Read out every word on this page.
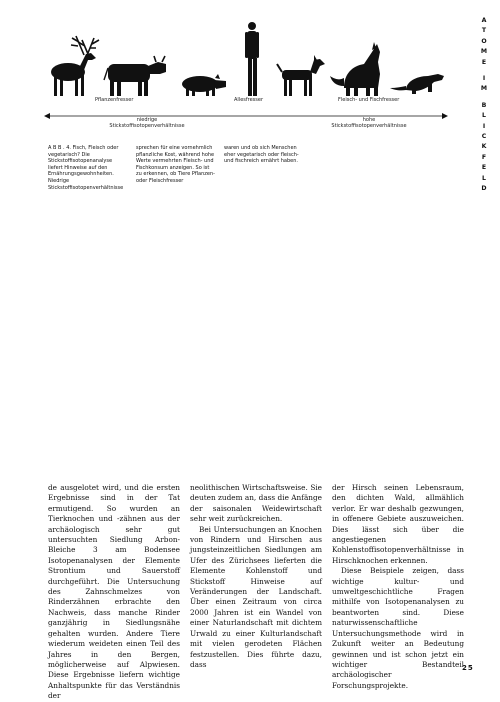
A
T
O
M
E
I
M
B
L
I
C
K
F
E
L
D
Pflanzenfresser	Allesfresser	Fleisch- und Fischfresser
niedrige
Stickstoffisotopenverhältnisse
hohe
Stickstoffisotopenverhältnisse
A B B . 4. Fisch, Fleisch oder vegetarisch? Die Stickstoffisotopenanalyse liefert Hinweise auf den Ernährungsgewohnheiten. Niedrige Stickstoffisotopenverhältnisse
sprechen für eine vornehmlich pflanzliche Kost, während hohe Werte vermehrten Fleisch- und Fischkonsum anzeigen. So ist zu erkennen, ob Tiere Pflanzen- oder Fleischfresser
waren und ob sich Menschen eher vegetarisch oder fleisch- und fischreich ernährt haben.

de ausgelotet wird, und die ersten Ergebnisse sind in der Tat ermutigend. So wurden an Tierknochen und -zähnen aus der archäologisch sehr gut untersuchten Siedlung Arbon-Bleiche 3 am Bodensee Isotopenanalysen der Elemente Strontium und Sauerstoff durchgeführt. Die Untersuchung des Zahnschmelzes von Rinderzähnen erbrachte den Nachweis, dass manche Rinder ganzjährig in Siedlungsnähe gehalten wurden. Andere Tiere wiederum weideten einen Teil des Jahres in den Bergen, möglicherweise auf Alpwiesen. Diese Ergebnisse liefern wichtige Anhaltspunkte für das Verständnis der

neolithischen Wirtschaftsweise. Sie deuten zudem an, dass die Anfänge der saisonalen Weidewirtschaft sehr weit zurückreichen.

Bei Untersuchungen an Knochen von Rindern und Hirschen aus jungsteinzeitlichen Siedlungen am Ufer des Zürichsees lieferten die Elemente Kohlenstoff und Stickstoff Hinweise auf Veränderungen der Landschaft. Über einen Zeitraum von circa 2000 Jahren ist ein Wandel von einer Naturlandschaft mit dichtem Urwald zu einer Kulturlandschaft mit vielen gerodeten Flächen festzustellen. Dies führte dazu, dass

der Hirsch seinen Lebensraum, den dichten Wald, allmählich verlor. Er war deshalb gezwungen, in offenere Gebiete auszuweichen. Dies lässt sich über die angestiegenen Kohlenstoffisotopenverhältnisse in Hirschknochen erkennen.

Diese Beispiele zeigen, dass wichtige kultur- und umweltgeschichtliche Fragen mithilfe von Isotopenanalysen zu beantworten sind. Diese naturwissenschaftliche Untersuchungsmethode wird in Zukunft weiter an Bedeutung gewinnen und ist schon jetzt ein wichtiger Bestandteil archäologischer Forschungsprojekte.

25
